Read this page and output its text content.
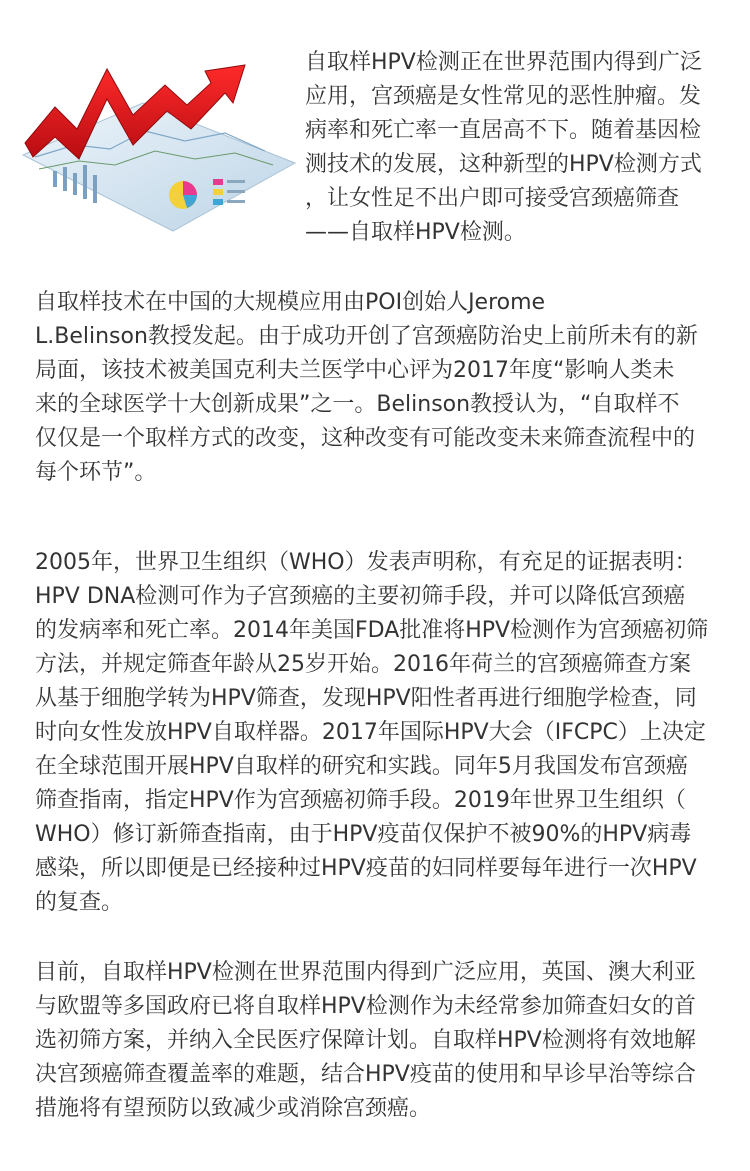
自取样HPV检测正在世界范围内得到广泛
应用，宫颈癌是女性常见的恶性肿瘤。发
病率和死亡率一直居高不下。随着基因检
测技术的发展，这种新型的HPV检测方式
，让女性足不出户即可接受宫颈癌筛查
——自取样HPV检测。
自取样技术在中国的大规模应用由POI创始人Jerome
L.Belinson教授发起。由于成功开创了宫颈癌防治史上前所未有的新
局面，该技术被美国克利夫兰医学中心评为2017年度“影响人类未
来的全球医学十大创新成果”之一。Belinson教授认为，“自取样不
仅仅是一个取样方式的改变，这种改变有可能改变未来筛查流程中的
每个环节”。
2005年，世界卫生组织（WHO）发表声明称，有充足的证据表明：
HPV DNA检测可作为子宫颈癌的主要初筛手段，并可以降低宫颈癌
的发病率和死亡率。2014年美国FDA批准将HPV检测作为宫颈癌初筛
方法，并规定筛查年龄从25岁开始。2016年荷兰的宫颈癌筛查方案
从基于细胞学转为HPV筛查，发现HPV阳性者再进行细胞学检查，同
时向女性发放HPV自取样器。2017年国际HPV大会（IFCPC）上决定
在全球范围开展HPV自取样的研究和实践。同年5月我国发布宫颈癌
筛查指南，指定HPV作为宫颈癌初筛手段。2019年世界卫生组织（
WHO）修订新筛查指南，由于HPV疫苗仅保护不被90%的HPV病毒
感染，所以即便是已经接种过HPV疫苗的妇同样要每年进行一次HPV
的复查。
目前，自取样HPV检测在世界范围内得到广泛应用，英国、澳大利亚
与欧盟等多国政府已将自取样HPV检测作为未经常参加筛查妇女的首
选初筛方案，并纳入全民医疗保障计划。自取样HPV检测将有效地解
决宫颈癌筛查覆盖率的难题，结合HPV疫苗的使用和早诊早治等综合
措施将有望预防以致减少或消除宫颈癌。
